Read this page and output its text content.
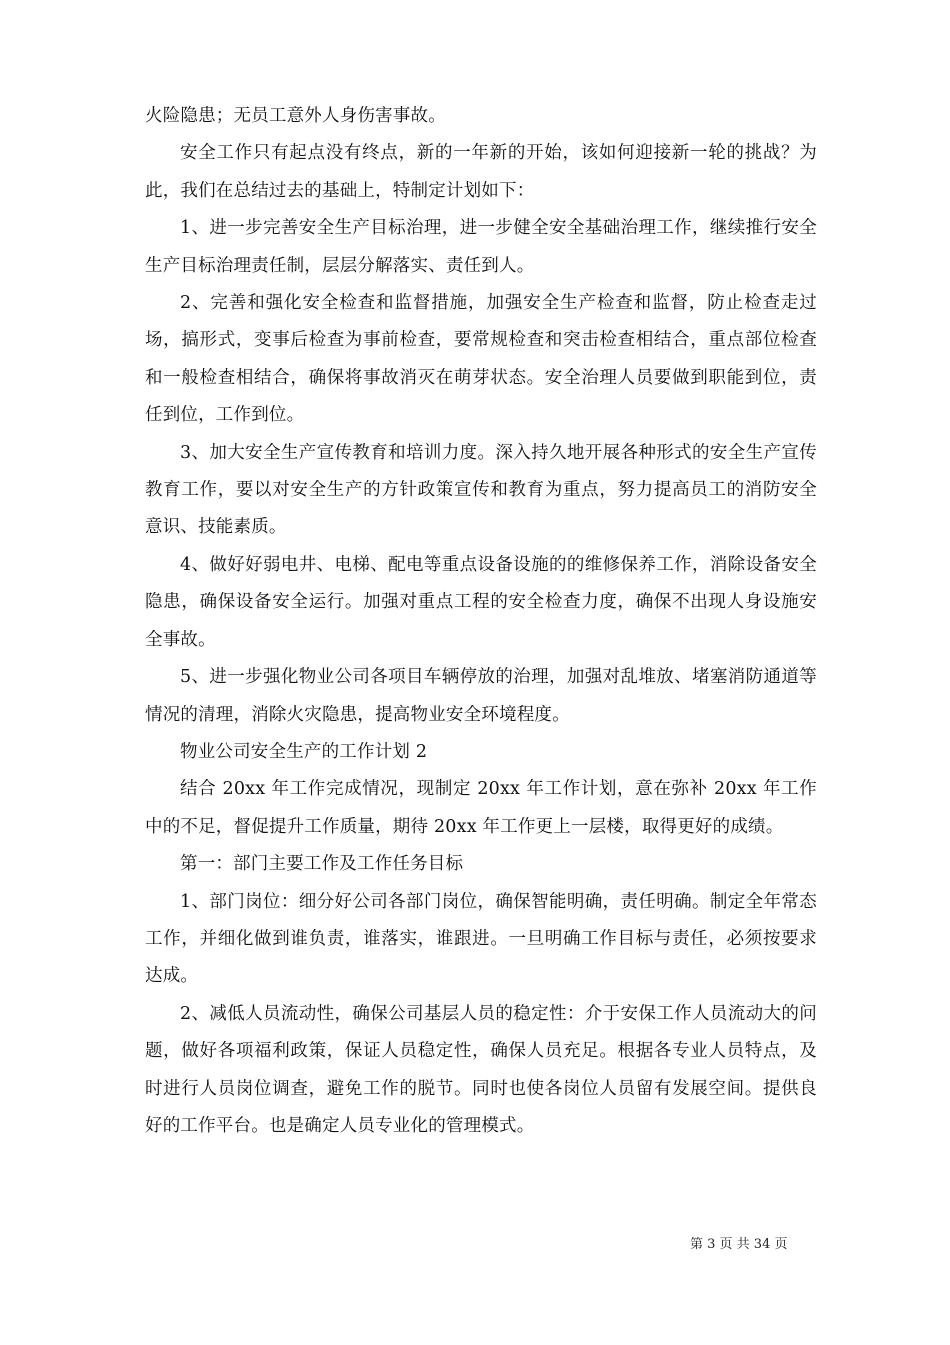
火险隐患；无员工意外人身伤害事故。

安全工作只有起点没有终点，新的一年新的开始，该如何迎接新一轮的挑战？为此，我们在总结过去的基础上，特制定计划如下：

1、进一步完善安全生产目标治理，进一步健全安全基础治理工作，继续推行安全生产目标治理责任制，层层分解落实、责任到人。

2、完善和强化安全检查和监督措施，加强安全生产检查和监督，防止检查走过场，搞形式，变事后检查为事前检查，要常规检查和突击检查相结合，重点部位检查和一般检查相结合，确保将事故消灭在萌芽状态。安全治理人员要做到职能到位，责任到位，工作到位。

3、加大安全生产宣传教育和培训力度。深入持久地开展各种形式的安全生产宣传教育工作，要以对安全生产的方针政策宣传和教育为重点，努力提高员工的消防安全意识、技能素质。

4、做好好弱电井、电梯、配电等重点设备设施的的维修保养工作，消除设备安全隐患，确保设备安全运行。加强对重点工程的安全检查力度，确保不出现人身设施安全事故。

5、进一步强化物业公司各项目车辆停放的治理，加强对乱堆放、堵塞消防通道等情况的清理，消除火灾隐患，提高物业安全环境程度。

物业公司安全生产的工作计划 2

结合 20xx 年工作完成情况，现制定 20xx 年工作计划，意在弥补 20xx 年工作中的不足，督促提升工作质量，期待 20xx 年工作更上一层楼，取得更好的成绩。

第一：部门主要工作及工作任务目标

1、部门岗位：细分好公司各部门岗位，确保智能明确，责任明确。制定全年常态工作，并细化做到谁负责，谁落实，谁跟进。一旦明确工作目标与责任，必须按要求达成。

2、减低人员流动性，确保公司基层人员的稳定性：介于安保工作人员流动大的问题，做好各项福利政策，保证人员稳定性，确保人员充足。根据各专业人员特点，及时进行人员岗位调查，避免工作的脱节。同时也使各岗位人员留有发展空间。提供良好的工作平台。也是确定人员专业化的管理模式。

第 3 页 共 34 页
